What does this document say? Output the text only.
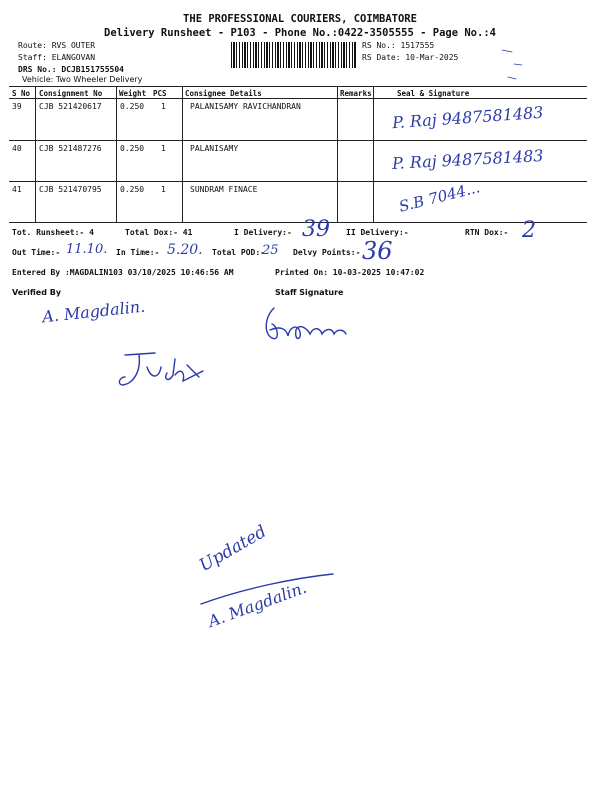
THE PROFESSIONAL COURIERS, COIMBATORE
Delivery Runsheet - P103 - Phone No.:0422-3505555 - Page No.:4
Route: RVS OUTER
Staff: ELANGOVAN
DRS No.: DCJB151755504
Vehicle: Two Wheeler Delivery
RS No.: 1517555
RS Date: 10-Mar-2025
S No Consignment No Weight PCS Consignee Details	Remarks	Seal & Signature
39 CJB 521420617 0.250 1	PALANISAMY RAVICHANDRAN	P. Raj 9487581483
40 CJB 521487276 0.250 1	PALANISAMY	P. Raj 9487581483
41 CJB 521470795 0.250 1	SUNDRAM FINACE	S.B 7044...
Tot. Runsheet:- 4	Total Dox:- 41	I Delivery:- 39 II Delivery:-	RTN Dox:- 2
Out Time:- 11.10. In Time:- 5.20. Total POD:-
25 Delvy Points:- 36
Entered By :MAGDALIN103 03/10/2025 10:46:56 AM	Printed On: 10-03-2025 10:47:02
Verified By	Staff Signature
A. Magdalin.
Updated
A. Magdalin.
